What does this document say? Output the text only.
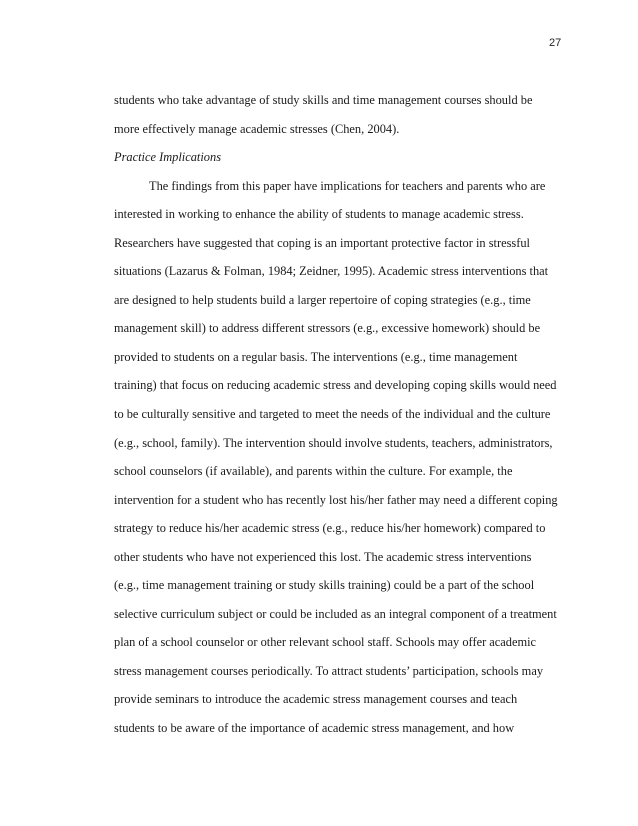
27
students who take advantage of study skills and time management courses should be
more effectively manage academic stresses (Chen, 2004).
Practice Implications
The findings from this paper have implications for teachers and parents who are
interested in working to enhance the ability of students to manage academic stress.
Researchers have suggested that coping is an important protective factor in stressful
situations (Lazarus & Folman, 1984; Zeidner, 1995). Academic stress interventions that
are designed to help students build a larger repertoire of coping strategies (e.g., time
management skill) to address different stressors (e.g., excessive homework) should be
provided to students on a regular basis. The interventions (e.g., time management
training) that focus on reducing academic stress and developing coping skills would need
to be culturally sensitive and targeted to meet the needs of the individual and the culture
(e.g., school, family). The intervention should involve students, teachers, administrators,
school counselors (if available), and parents within the culture. For example, the
intervention for a student who has recently lost his/her father may need a different coping
strategy to reduce his/her academic stress (e.g., reduce his/her homework) compared to
other students who have not experienced this lost. The academic stress interventions
(e.g., time management training or study skills training) could be a part of the school
selective curriculum subject or could be included as an integral component of a treatment
plan of a school counselor or other relevant school staff. Schools may offer academic
stress management courses periodically. To attract students’ participation, schools may
provide seminars to introduce the academic stress management courses and teach
students to be aware of the importance of academic stress management, and how
